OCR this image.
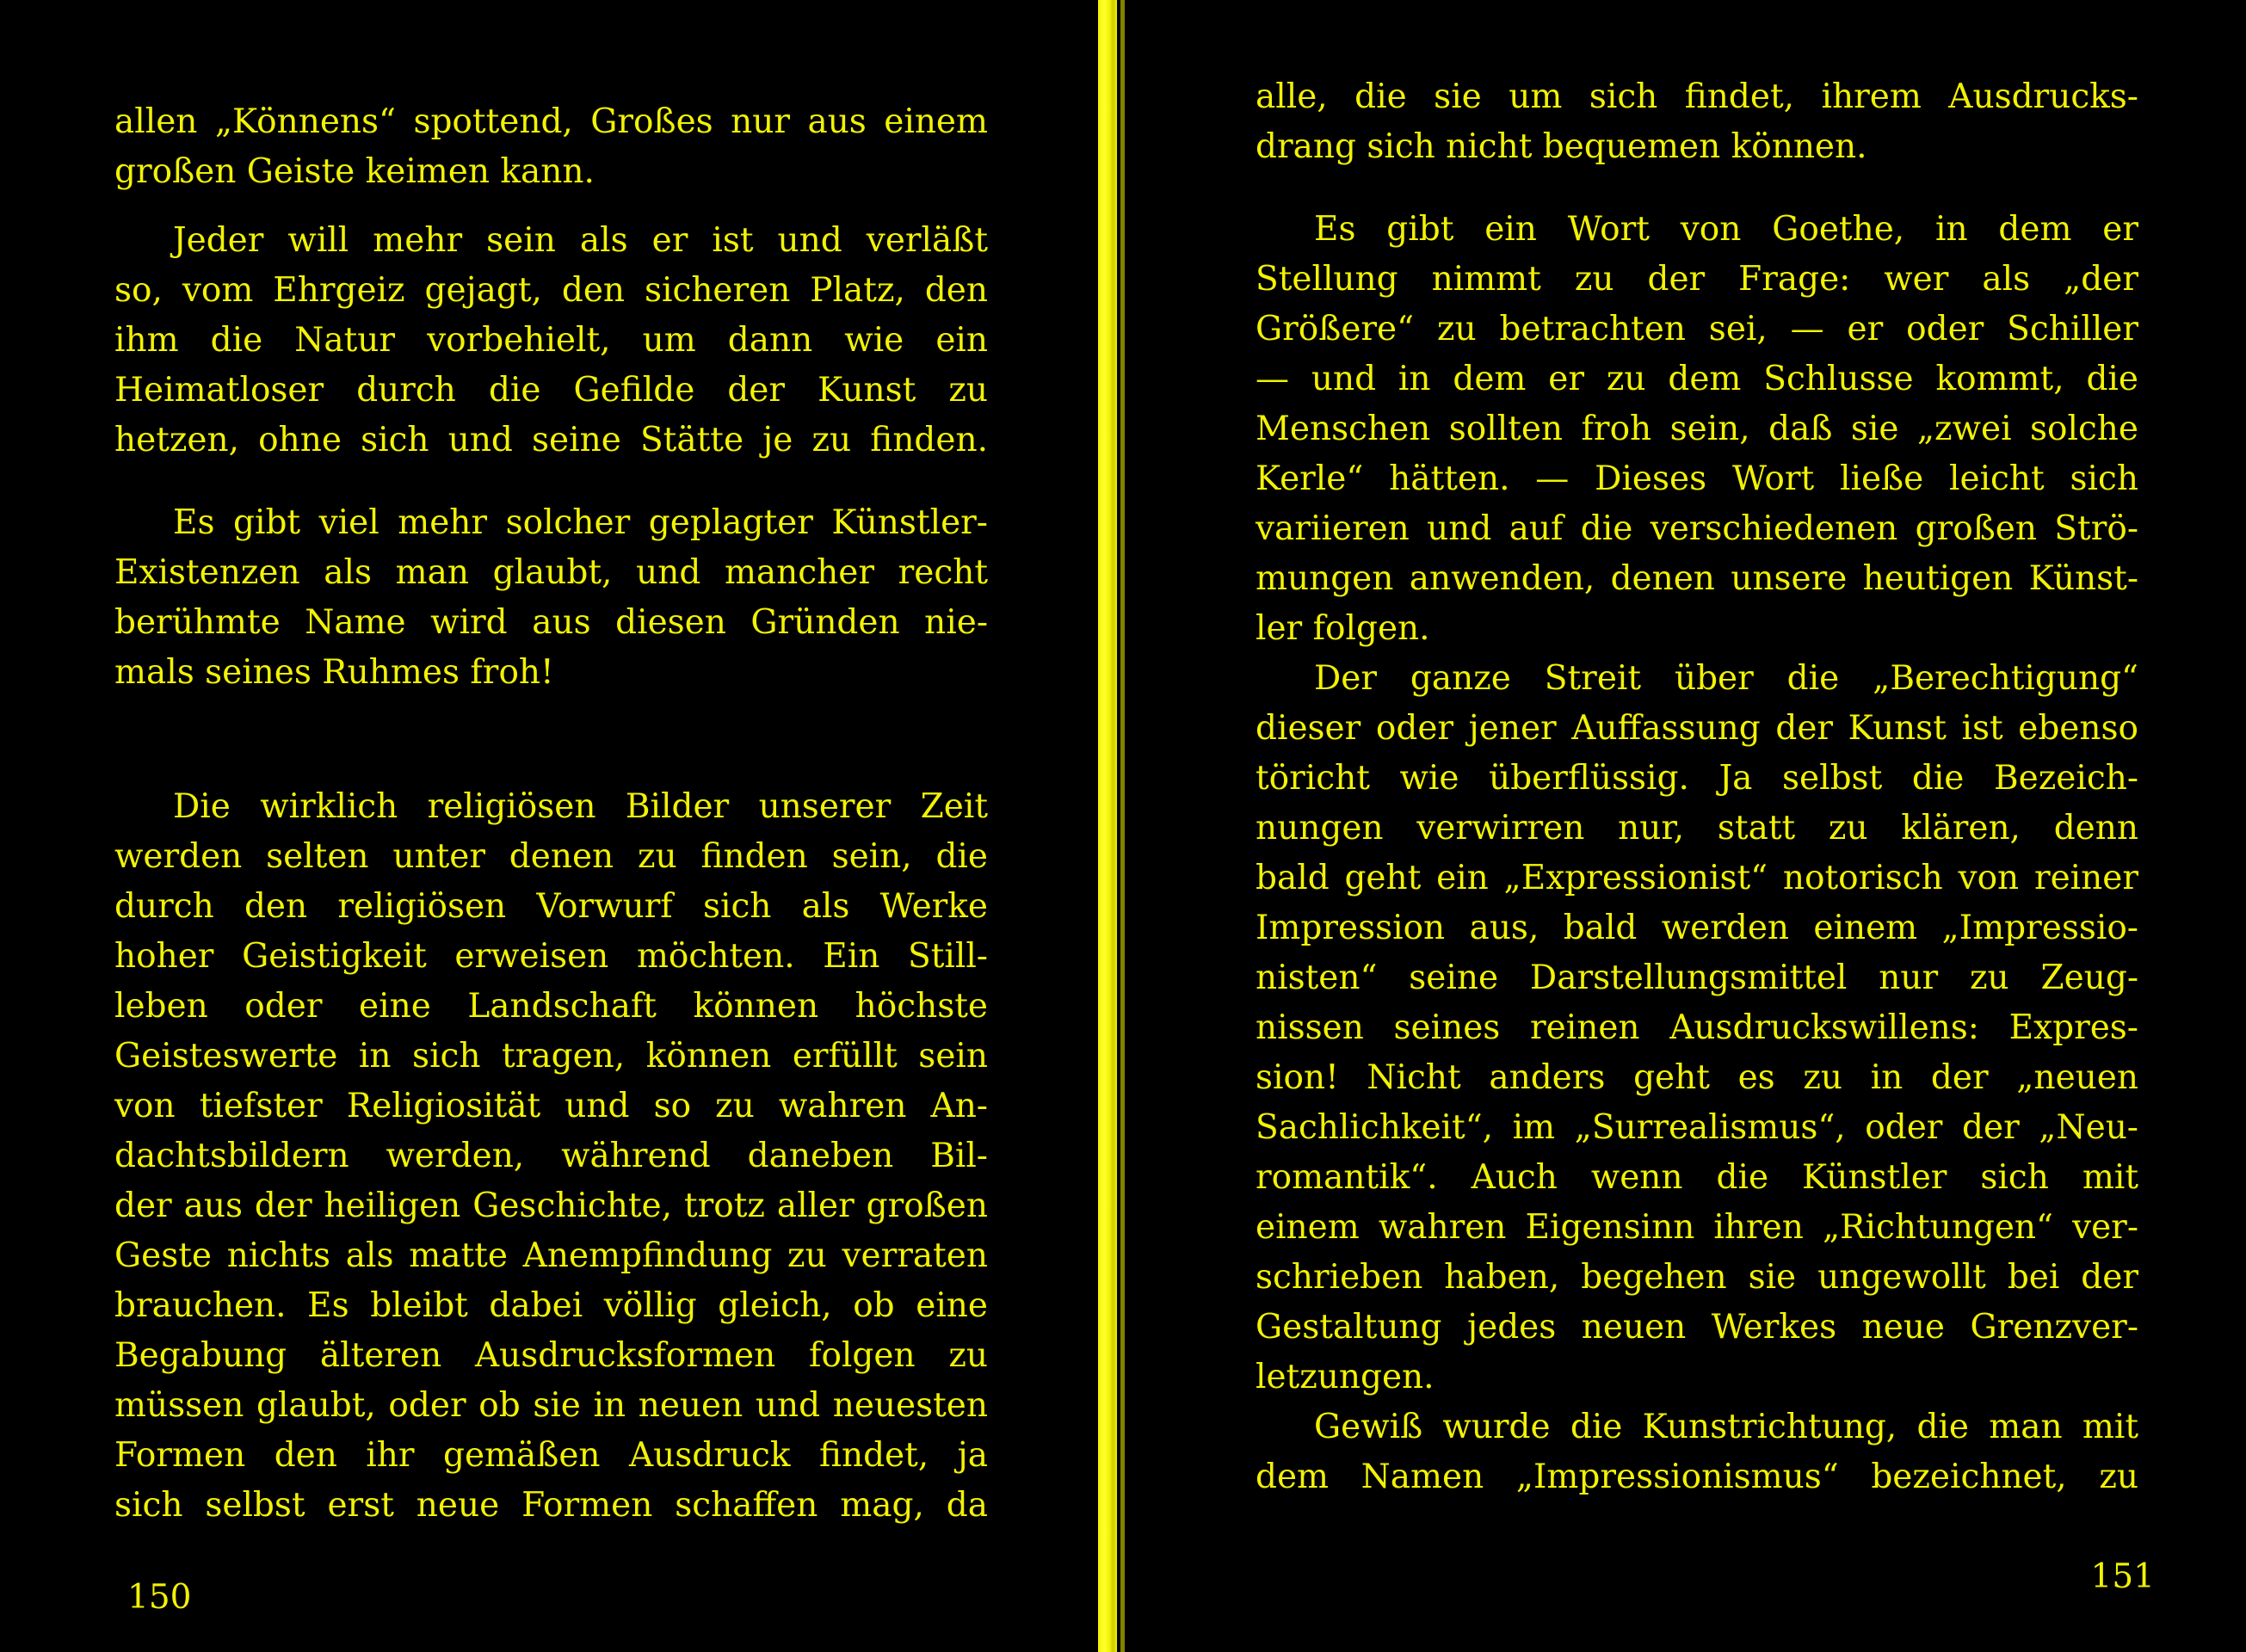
allen „Könnens“ spottend, Großes nur aus einem
großen Geiste keimen kann.
Jeder will mehr sein als er ist und verläßt
so, vom Ehrgeiz gejagt, den sicheren Platz, den
ihm die Natur vorbehielt, um dann wie ein
Heimatloser durch die Gefilde der Kunst zu
hetzen, ohne sich und seine Stätte je zu finden.
Es gibt viel mehr solcher geplagter Künstler-
Existenzen als man glaubt, und mancher recht
berühmte Name wird aus diesen Gründen nie-
mals seines Ruhmes froh!
Die wirklich religiösen Bilder unserer Zeit
werden selten unter denen zu finden sein, die
durch den religiösen Vorwurf sich als Werke
hoher Geistigkeit erweisen möchten. Ein Still-
leben oder eine Landschaft können höchste
Geisteswerte in sich tragen, können erfüllt sein
von tiefster Religiosität und so zu wahren An-
dachtsbildern werden, während daneben Bil-
der aus der heiligen Geschichte, trotz aller großen
Geste nichts als matte Anempfindung zu verraten
brauchen. Es bleibt dabei völlig gleich, ob eine
Begabung älteren Ausdrucksformen folgen zu
müssen glaubt, oder ob sie in neuen und neuesten
Formen den ihr gemäßen Ausdruck findet, ja
sich selbst erst neue Formen schaffen mag, da
150
alle, die sie um sich findet, ihrem Ausdrucks-
drang sich nicht bequemen können.
Es gibt ein Wort von Goethe, in dem er
Stellung nimmt zu der Frage: wer als „der
Größere“ zu betrachten sei, — er oder Schiller
— und in dem er zu dem Schlusse kommt, die
Menschen sollten froh sein, daß sie „zwei solche
Kerle“ hätten. — Dieses Wort ließe leicht sich
variieren und auf die verschiedenen großen Strö-
mungen anwenden, denen unsere heutigen Künst-
ler folgen.
Der ganze Streit über die „Berechtigung“
dieser oder jener Auffassung der Kunst ist ebenso
töricht wie überflüssig. Ja selbst die Bezeich-
nungen verwirren nur, statt zu klären, denn
bald geht ein „Expressionist“ notorisch von reiner
Impression aus, bald werden einem „Impressio-
nisten“ seine Darstellungsmittel nur zu Zeug-
nissen seines reinen Ausdruckswillens: Expres-
sion! Nicht anders geht es zu in der „neuen
Sachlichkeit“, im „Surrealismus“, oder der „Neu-
romantik“. Auch wenn die Künstler sich mit
einem wahren Eigensinn ihren „Richtungen“ ver-
schrieben haben, begehen sie ungewollt bei der
Gestaltung jedes neuen Werkes neue Grenzver-
letzungen.
Gewiß wurde die Kunstrichtung, die man mit
dem Namen „Impressionismus“ bezeichnet, zu
151
